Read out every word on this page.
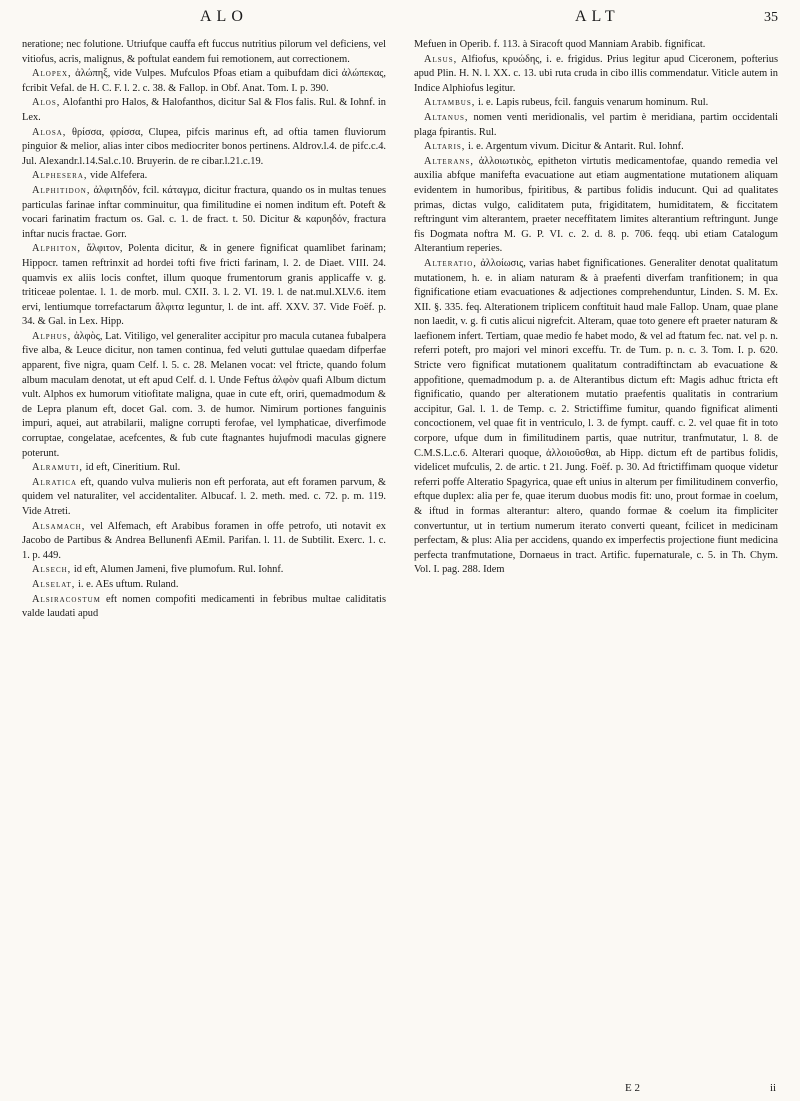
ALO	ALT	35

neratione; nec folutione. Utriufque cauffa eft fuccus nutritius pilorum vel deficiens, vel vitiofus, acris, malignus, & poftulat eandem fui remotionem, aut correctionem.

Alopex, ἀλώπηξ, vide Vulpes. Mufculos Pfoas etiam a quibufdam dici ἀλώπεκας, fcribit Vefal. de H. C. F. l. 2. c. 38. & Fallop. in Obf. Anat. Tom. I. p. 390.

Alos, Alofanthi pro Halos, & Halofanthos, dicitur Sal & Flos falis. Rul. & Iohnf. in Lex.

Alosa, θρίσσα, φρίσσα, Clupea, pifcis marinus eft, ad oftia tamen fluviorum pinguior & melior, alias inter cibos mediocriter bonos pertinens. Aldrov.l.4. de pifc.c.4. Jul. Alexandr.l.14.Sal.c.10. Bruyerin. de re cibar.l.21.c.19.

Alphesera, vide Alfefera.

Alphitidon, ἀλφιτηδόν, fcil. κάταγμα, dicitur fractura, quando os in multas tenues particulas farinae inftar comminuitur, qua fimilitudine ei nomen inditum eft. Poteft & vocari farinatim fractum os. Gal. c. 1. de fract. t. 50. Dicitur & καρυηδόν, fractura inftar nucis fractae. Gorr.

Alphiton, ἄλφιτον, Polenta dicitur, & in genere fignificat quamlibet farinam; Hippocr. tamen reftrinxit ad hordei tofti five fricti farinam, l. 2. de Diaet. VIII. 24. quamvis ex aliis locis conftet, illum quoque frumentorum granis applicaffe v. g. triticeae polentae. l. 1. de morb. mul. CXII. 3. l. 2. VI. 19. l. de nat.mul.XLV.6. item ervi, lentiumque torrefactarum ἄλφιτα leguntur, l. de int. aff. XXV. 37. Vide Foëf. p. 34. & Gal. in Lex. Hipp.

Alphus, ἀλφὸς, Lat. Vitiligo, vel generaliter accipitur pro macula cutanea fubalpera five alba, & Leuce dicitur, non tamen continua, fed veluti guttulae quaedam difperfae apparent, five nigra, quam Celf. l. 5. c. 28. Melanen vocat: vel ftricte, quando folum album maculam denotat, ut eft apud Celf. d. l. Unde Feftus ἀλφὸν quafi Album dictum vult. Alphos ex humorum vitiofitate maligna, quae in cute eft, oriri, quemadmodum & de Lepra planum eft, docet Gal. com. 3. de humor. Nimirum portiones fanguinis impuri, aquei, aut atrabilarii, maligne corrupti ferofae, vel lymphaticae, diverfimode corruptae, congelatae, acefcentes, & fub cute ftagnantes hujufmodi maculas gignere poterunt.

Alramuti, id eft, Cineritium. Rul.

Alratica eft, quando vulva mulieris non eft perforata, aut eft foramen parvum, & quidem vel naturaliter, vel accidentaliter. Albucaf. l. 2. meth. med. c. 72. p. m. 119. Vide Atreti.

Alsamach, vel Alfemach, eft Arabibus foramen in offe petrofo, uti notavit ex Jacobo de Partibus & Andrea Bellunenfi AEmil. Parifan. l. 11. de Subtilit. Exerc. 1. c. 1. p. 449.

Alsech, id eft, Alumen Jameni, five plumofum. Rul. Iohnf.

Alselat, i. e. AEs uftum. Ruland.

Alsiracostum eft nomen compofiti medicamenti in febribus multae caliditatis valde laudati apud

Mefuen in Operib. f. 113. à Siracoft quod Manniam Arabib. fignificat.

Alsus, Alfiofus, κρυώδης, i. e. frigidus. Prius legitur apud Ciceronem, pofterius apud Plin. H. N. l. XX. c. 13. ubi ruta cruda in cibo illis commendatur. Viticle autem in Indice Alphiofus legitur.

Altambus, i. e. Lapis rubeus, fcil. fanguis venarum hominum. Rul.

Altanus, nomen venti meridionalis, vel partim è meridiana, partim occidentali plaga fpirantis. Rul.

Altaris, i. e. Argentum vivum. Dicitur & Antarit. Rul. Iohnf.

Alterans, ἀλλοιωτικὸς, epitheton virtutis medicamentofae, quando remedia vel auxilia abfque manifefta evacuatione aut etiam augmentatione mutationem aliquam evidentem in humoribus, fpiritibus, & partibus folidis inducunt. Qui ad qualitates primas, dictas vulgo, caliditatem puta, frigiditatem, humiditatem, & ficcitatem reftringunt vim alterantem, praeter neceffitatem limites alterantium reftringunt. Junge fis Dogmata noftra M. G. P. VI. c. 2. d. 8. p. 706. feqq. ubi etiam Catalogum Alterantium reperies.

Alteratio, ἀλλοίωσις, varias habet fignificationes. Generaliter denotat qualitatum mutationem, h. e. in aliam naturam & à praefenti diverfam tranfitionem; in qua fignificatione etiam evacuationes & adjectiones comprehenduntur, Linden. S. M. Ex. XII. §. 335. feq. Alterationem triplicem conftituit haud male Fallop. Unam, quae plane non laedit, v. g. fi cutis alicui nigrefcit. Alteram, quae toto genere eft praeter naturam & laefionem infert. Tertiam, quae medio fe habet modo, & vel ad ftatum fec. nat. vel p. n. referri poteft, pro majori vel minori exceffu. Tr. de Tum. p. n. c. 3. Tom. I. p. 620. Stricte vero fignificat mutationem qualitatum contradiftinctam ab evacuatione & appofitione, quemadmodum p. a. de Alterantibus dictum eft: Magis adhuc ftricta eft fignificatio, quando per alterationem mutatio praefentis qualitatis in contrarium accipitur, Gal. l. 1. de Temp. c. 2. Strictiffime fumitur, quando fignificat alimenti concoctionem, vel quae fit in ventriculo, l. 3. de fympt. cauff. c. 2. vel quae fit in toto corpore, ufque dum in fimilitudinem partis, quae nutritur, tranfmutatur, l. 8. de C.M.S.L.c.6. Alterari quoque, ἀλλοιοῦσθαι, ab Hipp. dictum eft de partibus folidis, videlicet mufculis, 2. de artic. t 21. Jung. Foëf. p. 30. Ad ftrictiffimam quoque videtur referri poffe Alteratio Spagyrica, quae eft unius in alterum per fimilitudinem converfio, eftque duplex: alia per fe, quae iterum duobus modis fit: uno, prout formae in coelum, & iftud in formas alterantur: altero, quando formae & coelum ita fimpliciter convertuntur, ut in tertium numerum iterato converti queant, fcilicet in medicinam perfectam, & plus: Alia per accidens, quando ex imperfectis projectione fiunt medicina perfecta tranfmutatione, Dornaeus in tract. Artific. fupernaturale, c. 5. in Th. Chym. Vol. I. pag. 288. Idem

E 2	ii
